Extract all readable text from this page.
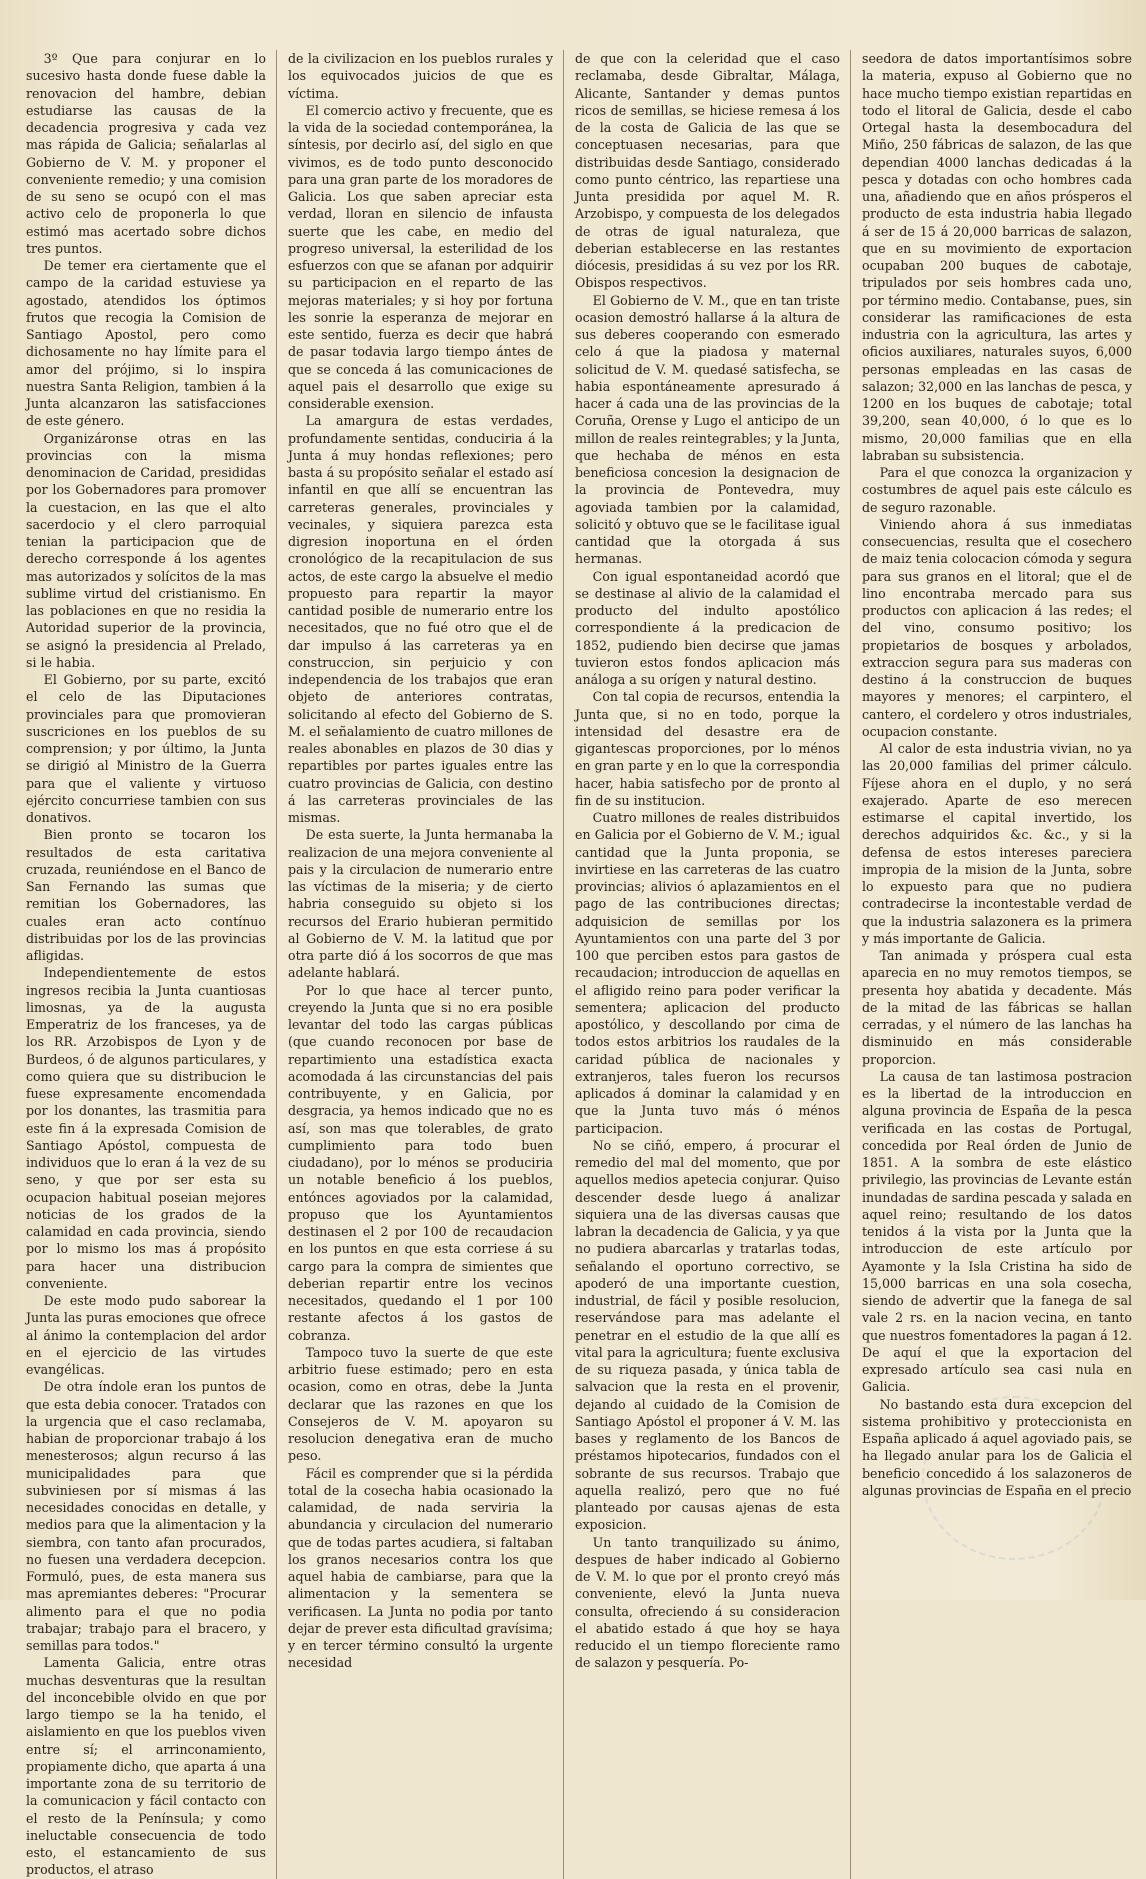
3º Que para conjurar en lo sucesivo hasta donde fuese dable la renovacion del hambre, debian estudiarse las causas de la decadencia progresiva y cada vez mas rápida de Galicia; señalarlas al Gobierno de V. M. y proponer el conveniente remedio; y una comision de su seno se ocupó con el mas activo celo de proponerla lo que estimó mas acertado sobre dichos tres puntos.

De temer era ciertamente que el campo de la caridad estuviese ya agostado, atendidos los óptimos frutos que recogia la Comision de Santiago Apostol, pero como dichosamente no hay límite para el amor del prójimo, si lo inspira nuestra Santa Religion, tambien á la Junta alcanzaron las satisfacciones de este género.

Organizáronse otras en las provincias con la misma denominacion de Caridad, presididas por los Gobernadores para promover la cuestacion, en las que el alto sacerdocio y el clero parroquial tenian la participacion que de derecho corresponde á los agentes mas autorizados y solícitos de la mas sublime virtud del cristianismo. En las poblaciones en que no residia la Autoridad superior de la provincia, se asignó la presidencia al Prelado, si le habia.

El Gobierno, por su parte, excitó el celo de las Diputaciones provinciales para que promovieran suscriciones en los pueblos de su comprension; y por último, la Junta se dirigió al Ministro de la Guerra para que el valiente y virtuoso ejército concurriese tambien con sus donativos.

Bien pronto se tocaron los resultados de esta caritativa cruzada, reuniéndose en el Banco de San Fernando las sumas que remitian los Gobernadores, las cuales eran acto contínuo distribuidas por los de las provincias afligidas.

Independientemente de estos ingresos recibia la Junta cuantiosas limosnas, ya de la augusta Emperatriz de los franceses, ya de los RR. Arzobispos de Lyon y de Burdeos, ó de algunos particulares, y como quiera que su distribucion le fuese expresamente encomendada por los donantes, las trasmitia para este fin á la expresada Comision de Santiago Apóstol, compuesta de individuos que lo eran á la vez de su seno, y que por ser esta su ocupacion habitual poseian mejores noticias de los grados de la calamidad en cada provincia, siendo por lo mismo los mas á propósito para hacer una distribucion conveniente.

De este modo pudo saborear la Junta las puras emociones que ofrece al ánimo la contemplacion del ardor en el ejercicio de las virtudes evangélicas.

De otra índole eran los puntos de que esta debia conocer. Tratados con la urgencia que el caso reclamaba, habian de proporcionar trabajo á los menesterosos; algun recurso á las municipalidades para que subviniesen por sí mismas á las necesidades conocidas en detalle, y medios para que la alimentacion y la siembra, con tanto afan procurados, no fuesen una verdadera decepcion. Formuló, pues, de esta manera sus mas apremiantes deberes: "Procurar alimento para el que no podia trabajar; trabajo para el bracero, y semillas para todos."

Lamenta Galicia, entre otras muchas desventuras que la resultan del inconcebible olvido en que por largo tiempo se la ha tenido, el aislamiento en que los pueblos viven entre sí; el arrinconamiento, propiamente dicho, que aparta á una importante zona de su territorio de la comunicacion y fácil contacto con el resto de la Península; y como ineluctable consecuencia de todo esto, el estancamiento de sus productos, el atraso

de la civilizacion en los pueblos rurales y los equivocados juicios de que es víctima.

El comercio activo y frecuente, que es la vida de la sociedad contemporánea, la síntesis, por decirlo así, del siglo en que vivimos, es de todo punto desconocido para una gran parte de los moradores de Galicia. Los que saben apreciar esta verdad, lloran en silencio de infausta suerte que les cabe, en medio del progreso universal, la esterilidad de los esfuerzos con que se afanan por adquirir su participacion en el reparto de las mejoras materiales; y si hoy por fortuna les sonrie la esperanza de mejorar en este sentido, fuerza es decir que habrá de pasar todavia largo tiempo ántes de que se conceda á las comunicaciones de aquel pais el desarrollo que exige su considerable exension.

La amargura de estas verdades, profundamente sentidas, conduciria á la Junta á muy hondas reflexiones; pero basta á su propósito señalar el estado así infantil en que allí se encuentran las carreteras generales, provinciales y vecinales, y siquiera parezca esta digresion inoportuna en el órden cronológico de la recapitulacion de sus actos, de este cargo la absuelve el medio propuesto para repartir la mayor cantidad posible de numerario entre los necesitados, que no fué otro que el de dar impulso á las carreteras ya en construccion, sin perjuicio y con independencia de los trabajos que eran objeto de anteriores contratas, solicitando al efecto del Gobierno de S. M. el señalamiento de cuatro millones de reales abonables en plazos de 30 dias y repartibles por partes iguales entre las cuatro provincias de Galicia, con destino á las carreteras provinciales de las mismas.

De esta suerte, la Junta hermanaba la realizacion de una mejora conveniente al pais y la circulacion de numerario entre las víctimas de la miseria; y de cierto habria conseguido su objeto si los recursos del Erario hubieran permitido al Gobierno de V. M. la latitud que por otra parte dió á los socorros de que mas adelante hablará.

Por lo que hace al tercer punto, creyendo la Junta que si no era posible levantar del todo las cargas públicas (que cuando reconocen por base de repartimiento una estadística exacta acomodada á las circunstancias del pais contribuyente, y en Galicia, por desgracia, ya hemos indicado que no es así, son mas que tolerables, de grato cumplimiento para todo buen ciudadano), por lo ménos se produciria un notable beneficio á los pueblos, entónces agoviados por la calamidad, propuso que los Ayuntamientos destinasen el 2 por 100 de recaudacion en los puntos en que esta corriese á su cargo para la compra de simientes que deberian repartir entre los vecinos necesitados, quedando el 1 por 100 restante afectos á los gastos de cobranza.

Tampoco tuvo la suerte de que este arbitrio fuese estimado; pero en esta ocasion, como en otras, debe la Junta declarar que las razones en que los Consejeros de V. M. apoyaron su resolucion denegativa eran de mucho peso.

Fácil es comprender que si la pérdida total de la cosecha habia ocasionado la calamidad, de nada serviria la abundancia y circulacion del numerario que de todas partes acudiera, si faltaban los granos necesarios contra los que aquel habia de cambiarse, para que la alimentacion y la sementera se verificasen. La Junta no podia por tanto dejar de prever esta dificultad gravísima; y en tercer término consultó la urgente necesidad

de que con la celeridad que el caso reclamaba, desde Gibraltar, Málaga, Alicante, Santander y demas puntos ricos de semillas, se hiciese remesa á los de la costa de Galicia de las que se conceptuasen necesarias, para que distribuidas desde Santiago, considerado como punto céntrico, las repartiese una Junta presidida por aquel M. R. Arzobispo, y compuesta de los delegados de otras de igual naturaleza, que deberian establecerse en las restantes diócesis, presididas á su vez por los RR. Obispos respectivos.

El Gobierno de V. M., que en tan triste ocasion demostró hallarse á la altura de sus deberes cooperando con esmerado celo á que la piadosa y maternal solicitud de V. M. quedasé satisfecha, se habia espontáneamente apresurado á hacer á cada una de las provincias de la Coruña, Orense y Lugo el anticipo de un millon de reales reintegrables; y la Junta, que hechaba de ménos en esta beneficiosa concesion la designacion de la provincia de Pontevedra, muy agoviada tambien por la calamidad, solicitó y obtuvo que se le facilitase igual cantidad que la otorgada á sus hermanas.

Con igual espontaneidad acordó que se destinase al alivio de la calamidad el producto del indulto apostólico correspondiente á la predicacion de 1852, pudiendo bien decirse que jamas tuvieron estos fondos aplicacion más análoga a su orígen y natural destino.

Con tal copia de recursos, entendia la Junta que, si no en todo, porque la intensidad del desastre era de gigantescas proporciones, por lo ménos en gran parte y en lo que la correspondia hacer, habia satisfecho por de pronto al fin de su institucion.

Cuatro millones de reales distribuidos en Galicia por el Gobierno de V. M.; igual cantidad que la Junta proponia, se invirtiese en las carreteras de las cuatro provincias; alivios ó aplazamientos en el pago de las contribuciones directas; adquisicion de semillas por los Ayuntamientos con una parte del 3 por 100 que perciben estos para gastos de recaudacion; introduccion de aquellas en el afligido reino para poder verificar la sementera; aplicacion del producto apostólico, y descollando por cima de todos estos arbitrios los raudales de la caridad pública de nacionales y extranjeros, tales fueron los recursos aplicados á dominar la calamidad y en que la Junta tuvo más ó ménos participacion.

No se ciñó, empero, á procurar el remedio del mal del momento, que por aquellos medios apetecia conjurar. Quiso descender desde luego á analizar siquiera una de las diversas causas que labran la decadencia de Galicia, y ya que no pudiera abarcarlas y tratarlas todas, señalando el oportuno correctivo, se apoderó de una importante cuestion, industrial, de fácil y posible resolucion, reservándose para mas adelante el penetrar en el estudio de la que allí es vital para la agricultura; fuente exclusiva de su riqueza pasada, y única tabla de salvacion que la resta en el provenir, dejando al cuidado de la Comision de Santiago Apóstol el proponer á V. M. las bases y reglamento de los Bancos de préstamos hipotecarios, fundados con el sobrante de sus recursos. Trabajo que aquella realizó, pero que no fué planteado por causas ajenas de esta exposicion.

Un tanto tranquilizado su ánimo, despues de haber indicado al Gobierno de V. M. lo que por el pronto creyó más conveniente, elevó la Junta nueva consulta, ofreciendo á su consideracion el abatido estado á que hoy se haya reducido el un tiempo floreciente ramo de salazon y pesquería. Po-

seedora de datos importantísimos sobre la materia, expuso al Gobierno que no hace mucho tiempo existian repartidas en todo el litoral de Galicia, desde el cabo Ortegal hasta la desembocadura del Miño, 250 fábricas de salazon, de las que dependian 4000 lanchas dedicadas á la pesca y dotadas con ocho hombres cada una, añadiendo que en años prósperos el producto de esta industria habia llegado á ser de 15 á 20,000 barricas de salazon, que en su movimiento de exportacion ocupaban 200 buques de cabotaje, tripulados por seis hombres cada uno, por término medio. Contabanse, pues, sin considerar las ramificaciones de esta industria con la agricultura, las artes y oficios auxiliares, naturales suyos, 6,000 personas empleadas en las casas de salazon; 32,000 en las lanchas de pesca, y 1200 en los buques de cabotaje; total 39,200, sean 40,000, ó lo que es lo mismo, 20,000 familias que en ella labraban su subsistencia.

Para el que conozca la organizacion y costumbres de aquel pais este cálculo es de seguro razonable.

Viniendo ahora á sus inmediatas consecuencias, resulta que el cosechero de maiz tenia colocacion cómoda y segura para sus granos en el litoral; que el de lino encontraba mercado para sus productos con aplicacion á las redes; el del vino, consumo positivo; los propietarios de bosques y arbolados, extraccion segura para sus maderas con destino á la construccion de buques mayores y menores; el carpintero, el cantero, el cordelero y otros industriales, ocupacion constante.

Al calor de esta industria vivian, no ya las 20,000 familias del primer cálculo. Fíjese ahora en el duplo, y no será exajerado. Aparte de eso merecen estimarse el capital invertido, los derechos adquiridos &c. &c., y si la defensa de estos intereses pareciera impropia de la mision de la Junta, sobre lo expuesto para que no pudiera contradecirse la incontestable verdad de que la industria salazonera es la primera y más importante de Galicia.

Tan animada y próspera cual esta aparecia en no muy remotos tiempos, se presenta hoy abatida y decadente. Más de la mitad de las fábricas se hallan cerradas, y el número de las lanchas ha disminuido en más considerable proporcion.

La causa de tan lastimosa postracion es la libertad de la introduccion en alguna provincia de España de la pesca verificada en las costas de Portugal, concedida por Real órden de Junio de 1851. A la sombra de este elástico privilegio, las provincias de Levante están inundadas de sardina pescada y salada en aquel reino; resultando de los datos tenidos á la vista por la Junta que la introduccion de este artículo por Ayamonte y la Isla Cristina ha sido de 15,000 barricas en una sola cosecha, siendo de advertir que la fanega de sal vale 2 rs. en la nacion vecina, en tanto que nuestros fomentadores la pagan á 12. De aquí el que la exportacion del expresado artículo sea casi nula en Galicia.

No bastando esta dura excepcion del sistema prohibitivo y proteccionista en España aplicado á aquel agoviado pais, se ha llegado anular para los de Galicia el beneficio concedido á los salazoneros de algunas provincias de España en el precio
